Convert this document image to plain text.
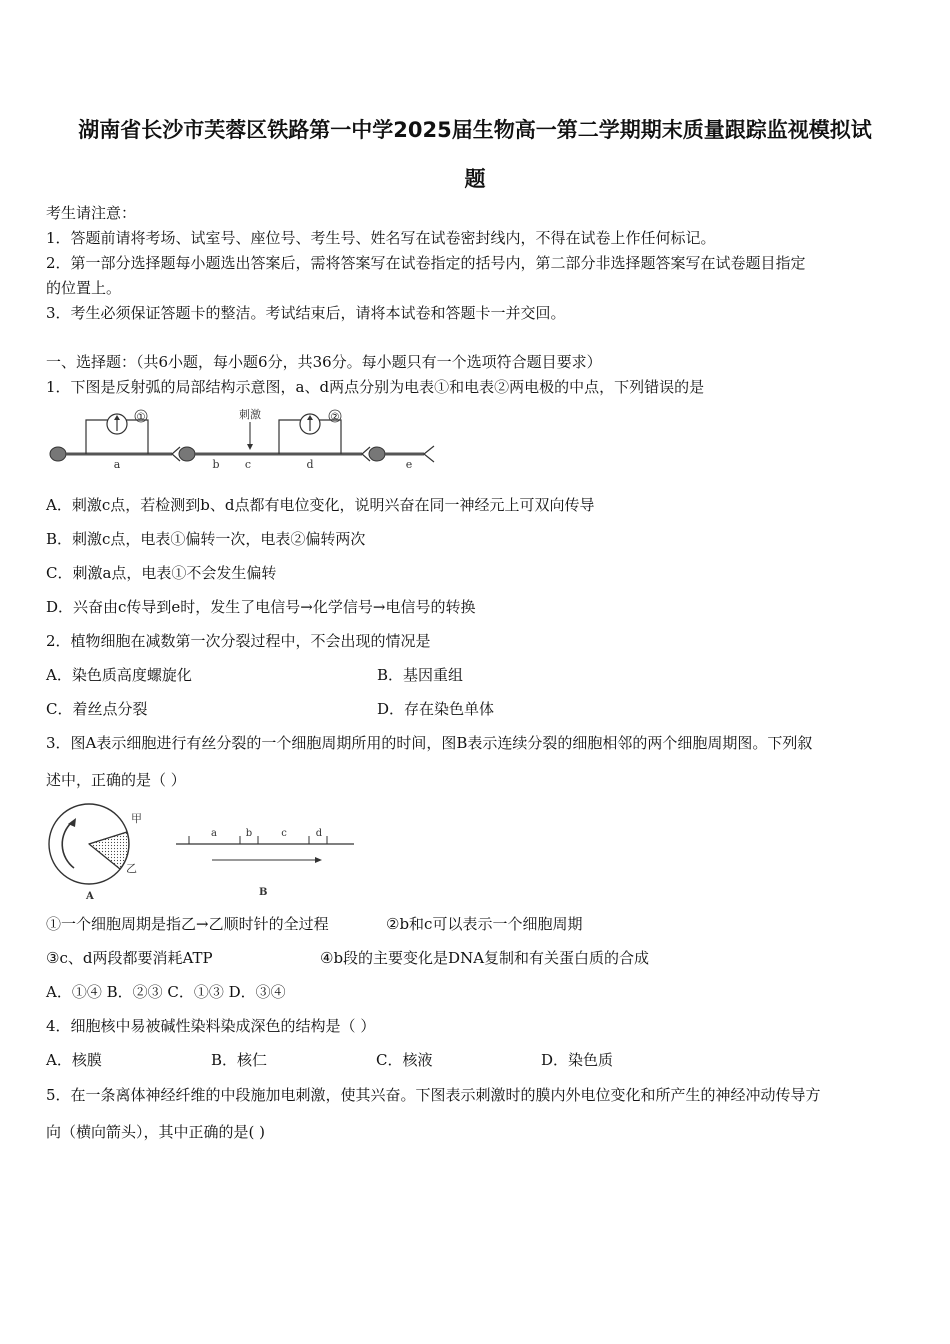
湖南省长沙市芙蓉区铁路第一中学2025届生物高一第二学期期末质量跟踪监视模拟试
题
考生请注意：
1．答题前请将考场、试室号、座位号、考生号、姓名写在试卷密封线内，不得在试卷上作任何标记。
2．第一部分选择题每小题选出答案后，需将答案写在试卷指定的括号内，第二部分非选择题答案写在试卷题目指定
的位置上。
3．考生必须保证答题卡的整洁。考试结束后，请将本试卷和答题卡一并交回。
一、选择题：（共6小题，每小题6分，共36分。每小题只有一个选项符合题目要求）
1．下图是反射弧的局部结构示意图，a、d两点分别为电表①和电表②两电极的中点，下列错误的是
①
a	b c
刺激	②
d	e
A．刺激c点，若检测到b、d点都有电位变化，说明兴奋在同一神经元上可双向传导
B．刺激c点，电表①偏转一次，电表②偏转两次
C．刺激a点，电表①不会发生偏转
D．兴奋由c传导到e时，发生了电信号→化学信号→电信号的转换
2．植物细胞在减数第一次分裂过程中，不会出现的情况是
A．染色质高度螺旋化	B．基因重组
C．着丝点分裂	D．存在染色单体
3．图A表示细胞进行有丝分裂的一个细胞周期所用的时间，图B表示连续分裂的细胞相邻的两个细胞周期图。下列叙
述中，正确的是（ ）
甲
乙
A
a	b	c	d
B
①一个细胞周期是指乙→乙顺时针的全过程	②b和c可以表示一个细胞周期
③c、d两段都要消耗ATP	④b段的主要变化是DNA复制和有关蛋白质的合成
A．①④ B．②③ C．①③ D．③④
4．细胞核中易被碱性染料染成深色的结构是（ ）
A．核膜	B．核仁	C．核液	D．染色质
5．在一条离体神经纤维的中段施加电刺激，使其兴奋。下图表示刺激时的膜内外电位变化和所产生的神经冲动传导方
向（横向箭头），其中正确的是( )
